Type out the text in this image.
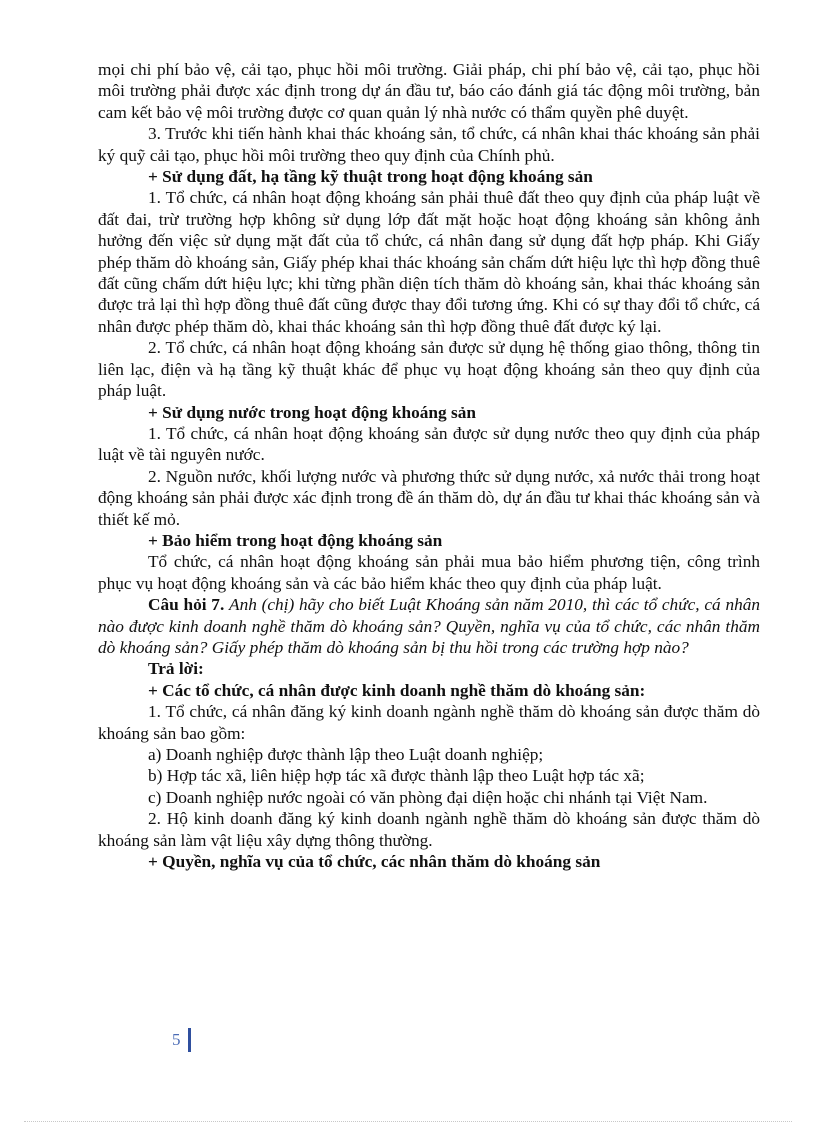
mọi chi phí bảo vệ, cải tạo, phục hồi môi trường. Giải pháp, chi phí bảo vệ, cải tạo, phục hồi môi trường phải được xác định trong dự án đầu tư, báo cáo đánh giá tác động môi trường, bản cam kết bảo vệ môi trường được cơ quan quản lý nhà nước có thẩm quyền phê duyệt.

3. Trước khi tiến hành khai thác khoáng sản, tổ chức, cá nhân khai thác khoáng sản phải ký quỹ cải tạo, phục hồi môi trường theo quy định của Chính phủ.

+ Sử dụng đất, hạ tầng kỹ thuật trong hoạt động khoáng sản

1. Tổ chức, cá nhân hoạt động khoáng sản phải thuê đất theo quy định của pháp luật về đất đai, trừ trường hợp không sử dụng lớp đất mặt hoặc hoạt động khoáng sản không ảnh hưởng đến việc sử dụng mặt đất của tổ chức, cá nhân đang sử dụng đất hợp pháp. Khi Giấy phép thăm dò khoáng sản, Giấy phép khai thác khoáng sản chấm dứt hiệu lực thì hợp đồng thuê đất cũng chấm dứt hiệu lực; khi từng phần diện tích thăm dò khoáng sản, khai thác khoáng sản được trả lại thì hợp đồng thuê đất cũng được thay đổi tương ứng. Khi có sự thay đổi tổ chức, cá nhân được phép thăm dò, khai thác khoáng sản thì hợp đồng thuê đất được ký lại.

2. Tổ chức, cá nhân hoạt động khoáng sản được sử dụng hệ thống giao thông, thông tin liên lạc, điện và hạ tầng kỹ thuật khác để phục vụ hoạt động khoáng sản theo quy định của pháp luật.

+ Sử dụng nước trong hoạt động khoáng sản

1. Tổ chức, cá nhân hoạt động khoáng sản được sử dụng nước theo quy định của pháp luật về tài nguyên nước.

2. Nguồn nước, khối lượng nước và phương thức sử dụng nước, xả nước thải trong hoạt động khoáng sản phải được xác định trong đề án thăm dò, dự án đầu tư khai thác khoáng sản và thiết kế mỏ.

+ Bảo hiểm trong hoạt động khoáng sản

Tổ chức, cá nhân hoạt động khoáng sản phải mua bảo hiểm phương tiện, công trình phục vụ hoạt động khoáng sản và các bảo hiểm khác theo quy định của pháp luật.

Câu hỏi 7. Anh (chị) hãy cho biết Luật Khoáng sản năm 2010, thì các tổ chức, cá nhân nào được kinh doanh nghề thăm dò khoáng sản? Quyền, nghĩa vụ của tổ chức, các nhân thăm dò khoáng sản? Giấy phép thăm dò khoáng sản bị thu hồi trong các trường hợp nào?

Trả lời:

+ Các tổ chức, cá nhân được kinh doanh nghề thăm dò khoáng sản:

1. Tổ chức, cá nhân đăng ký kinh doanh ngành nghề thăm dò khoáng sản được thăm dò khoáng sản bao gồm:

a) Doanh nghiệp được thành lập theo Luật doanh nghiệp;

b) Hợp tác xã, liên hiệp hợp tác xã được thành lập theo Luật hợp tác xã;

c) Doanh nghiệp nước ngoài có văn phòng đại diện hoặc chi nhánh tại Việt Nam.

2. Hộ kinh doanh đăng ký kinh doanh ngành nghề thăm dò khoáng sản được thăm dò khoáng sản làm vật liệu xây dựng thông thường.

+ Quyền, nghĩa vụ của tổ chức, các nhân thăm dò khoáng sản

5
